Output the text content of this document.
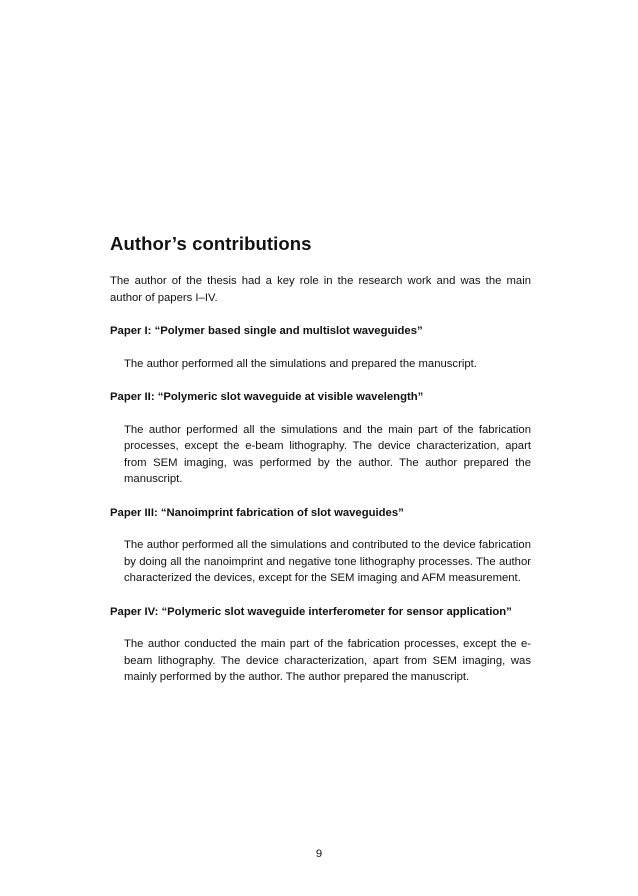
Author’s contributions

The author of the thesis had a key role in the research work and was the main author of papers I–IV.

Paper I: “Polymer based single and multislot waveguides”

The author performed all the simulations and prepared the manuscript.

Paper II: “Polymeric slot waveguide at visible wavelength”

The author performed all the simulations and the main part of the fabrication processes, except the e-beam lithography. The device characterization, apart from SEM imaging, was performed by the author. The author prepared the manuscript.

Paper III: “Nanoimprint fabrication of slot waveguides”

The author performed all the simulations and contributed to the device fabrication by doing all the nanoimprint and negative tone lithography processes. The author characterized the devices, except for the SEM imaging and AFM measurement.

Paper IV: “Polymeric slot waveguide interferometer for sensor application”

The author conducted the main part of the fabrication processes, except the e-beam lithography. The device characterization, apart from SEM imaging, was mainly performed by the author. The author prepared the manuscript.

9
